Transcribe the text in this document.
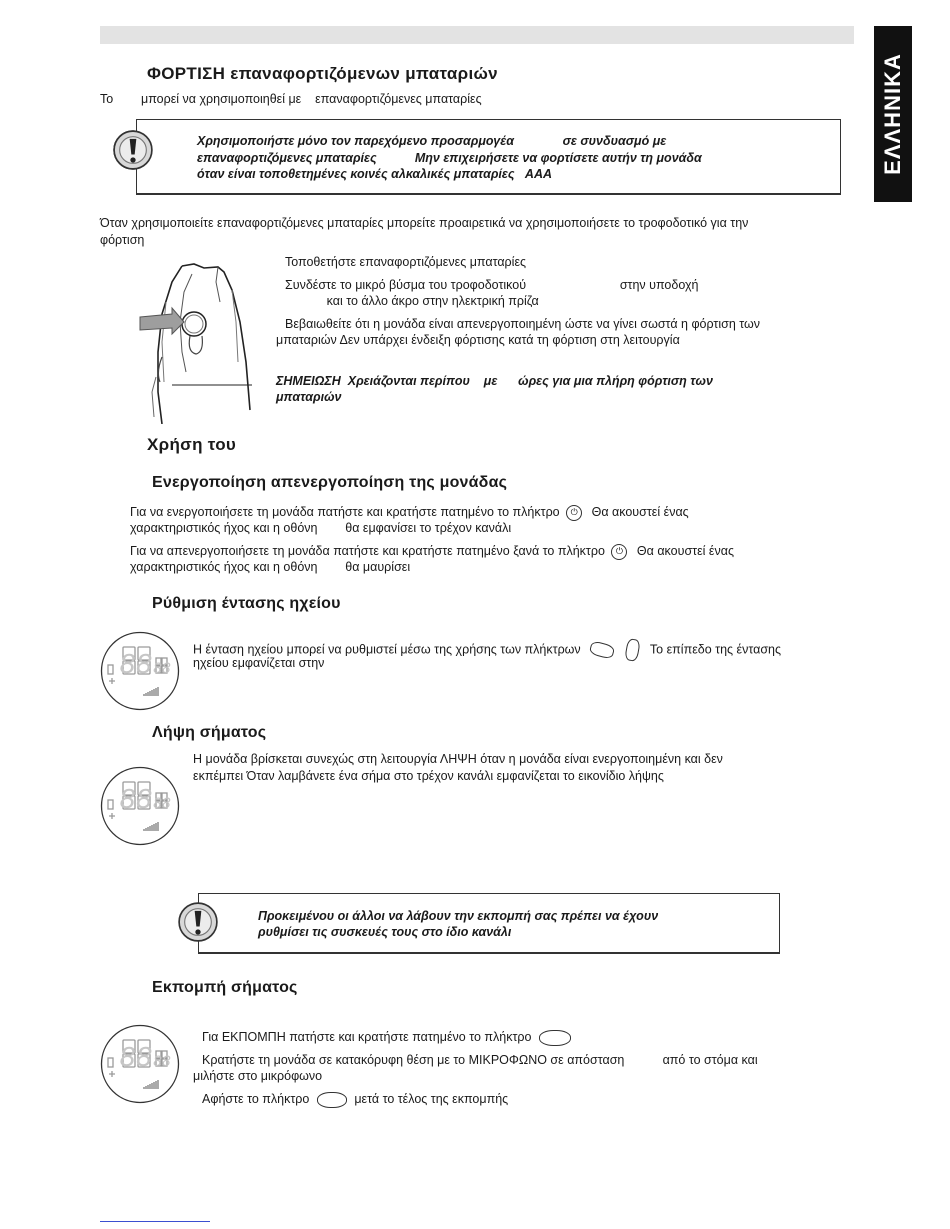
ΕΛΛΗΝΙΚΑ
ΦΟΡΤΙΣΗ επαναφορτιζόμενων μπαταριών
Το        μπορεί να χρησιμοποιηθεί με    επαναφορτιζόμενες μπαταρίες
Χρησιμοποιήστε μόνο τον παρεχόμενο προσαρμογέα              σε συνδυασμό με
επαναφορτιζόμενες μπαταρίες           Μην επιχειρήσετε να φορτίσετε αυτήν τη μονάδα
όταν είναι τοποθετημένες κοινές αλκαλικές μπαταρίες   AAA
Όταν χρησιμοποιείτε επαναφορτιζόμενες μπαταρίες μπορείτε προαιρετικά να χρησιμοποιήσετε το τροφοδοτικό για την
φόρτιση
Τοποθετήστε επαναφορτιζόμενες μπαταρίες
Συνδέστε το μικρό βύσμα του τροφοδοτικού                           στην υποδοχή
και το άλλο άκρο στην ηλεκτρική πρίζα
Βεβαιωθείτε ότι η μονάδα είναι απενεργοποιημένη ώστε να γίνει σωστά η φόρτιση των
μπαταριών Δεν υπάρχει ένδειξη φόρτισης κατά τη φόρτιση στη λειτουργία
ΣΗΜΕΙΩΣΗ  Χρειάζονται περίπου    με      ώρες για μια πλήρη φόρτιση των
μπαταριών
Χρήση του
Ενεργοποίηση απενεργοποίηση της μονάδας
Για να ενεργοποιήσετε τη μονάδα πατήστε και κρατήστε πατημένο το πλήκτρο ⏻ Θα ακουστεί ένας
χαρακτηριστικός ήχος και η οθόνη        θα εμφανίσει το τρέχον κανάλι
Για να απενεργοποιήσετε τη μονάδα πατήστε και κρατήστε πατημένο ξανά το πλήκτρο ⏻ Θα ακουστεί ένας
χαρακτηριστικός ήχος και η οθόνη        θα μαυρίσει
Ρύθμιση έντασης ηχείου
88 88
Η ένταση ηχείου μπορεί να ρυθμιστεί μέσω της χρήσης των πλήκτρων	Το επίπεδο της έντασης
ηχείου εμφανίζεται στην
Λήψη σήματος
88 88
Η μονάδα βρίσκεται συνεχώς στη λειτουργία ΛΗΨΗ όταν η μονάδα είναι ενεργοποιημένη και δεν
εκπέμπει Όταν λαμβάνετε ένα σήμα στο τρέχον κανάλι εμφανίζεται το εικονίδιο λήψης
Προκειμένου οι άλλοι να λάβουν την εκπομπή σας πρέπει να έχουν
ρυθμίσει τις συσκευές τους στο ίδιο κανάλι
Εκπομπή σήματος
88 88
Για ΕΚΠΟΜΠΗ πατήστε και κρατήστε πατημένο το πλήκτρο
Κρατήστε τη μονάδα σε κατακόρυφη θέση με το ΜΙΚΡΟΦΩΝΟ σε απόσταση           από το στόμα και
μιλήστε στο μικρόφωνο
Αφήστε το πλήκτρο	μετά το τέλος της εκπομπής
